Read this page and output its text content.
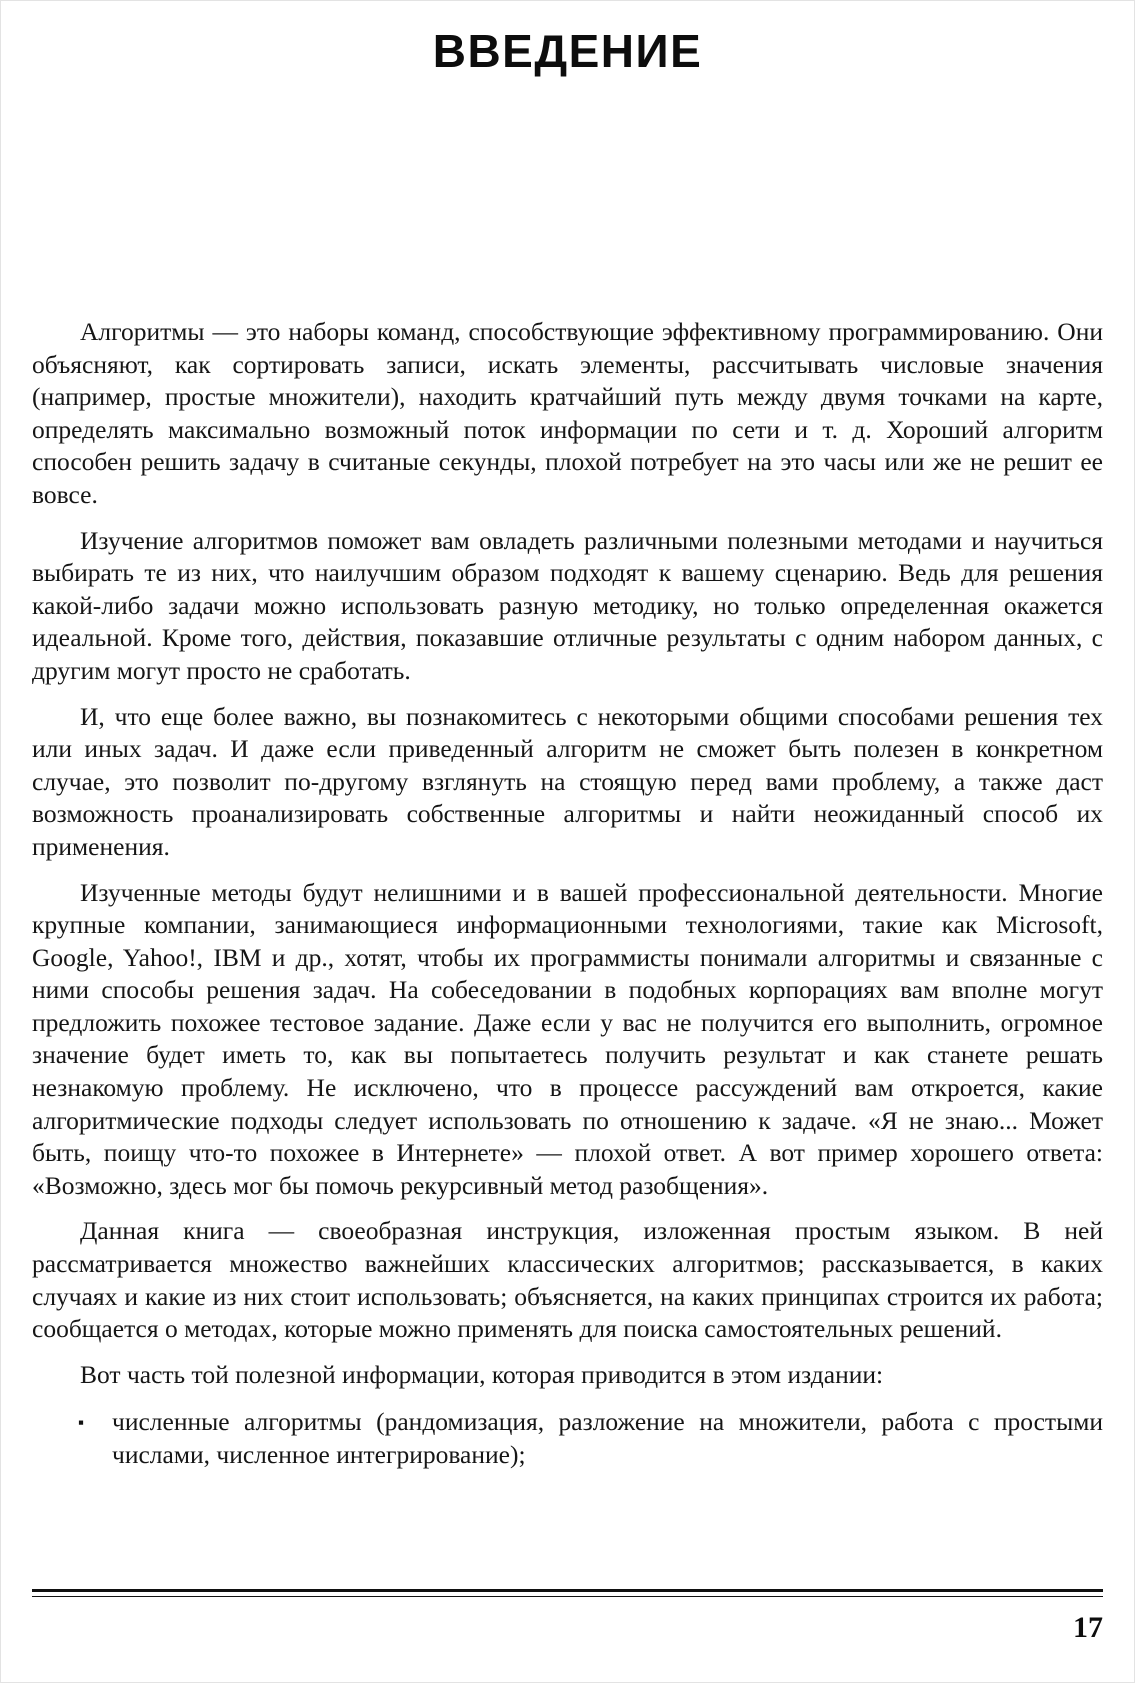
ВВЕДЕНИЕ

Алгоритмы — это наборы команд, способствующие эффективному программированию. Они объясняют, как сортировать записи, искать элементы, рассчитывать числовые значения (например, простые множители), находить кратчайший путь между двумя точками на карте, определять максимально возможный поток информации по сети и т. д. Хороший алгоритм способен решить задачу в считаные секунды, плохой потребует на это часы или же не решит ее вовсе.

Изучение алгоритмов поможет вам овладеть различными полезными методами и научиться выбирать те из них, что наилучшим образом подходят к вашему сценарию. Ведь для решения какой-либо задачи можно использовать разную методику, но только определенная окажется идеальной. Кроме того, действия, показавшие отличные результаты с одним набором данных, с другим могут просто не сработать.

И, что еще более важно, вы познакомитесь с некоторыми общими способами решения тех или иных задач. И даже если приведенный алгоритм не сможет быть полезен в конкретном случае, это позволит по-другому взглянуть на стоящую перед вами проблему, а также даст возможность проанализировать собственные алгоритмы и найти неожиданный способ их применения.

Изученные методы будут нелишними и в вашей профессиональной деятельности. Многие крупные компании, занимающиеся информационными технологиями, такие как Microsoft, Google, Yahoo!, IBM и др., хотят, чтобы их программисты понимали алгоритмы и связанные с ними способы решения задач. На собеседовании в подобных корпорациях вам вполне могут предложить похожее тестовое задание. Даже если у вас не получится его выполнить, огромное значение будет иметь то, как вы попытаетесь получить результат и как станете решать незнакомую проблему. Не исключено, что в процессе рассуждений вам откроется, какие алгоритмические подходы следует использовать по отношению к задаче. «Я не знаю... Может быть, поищу что-то похожее в Интернете» — плохой ответ. А вот пример хорошего ответа: «Возможно, здесь мог бы помочь рекурсивный метод разобщения».

Данная книга — своеобразная инструкция, изложенная простым языком. В ней рассматривается множество важнейших классических алгоритмов; рассказывается, в каких случаях и какие из них стоит использовать; объясняется, на каких принципах строится их работа; сообщается о методах, которые можно применять для поиска самостоятельных решений.

Вот часть той полезной информации, которая приводится в этом издании:

▪	численные алгоритмы (рандомизация, разложение на множители, работа с простыми числами, численное интегрирование);
17
